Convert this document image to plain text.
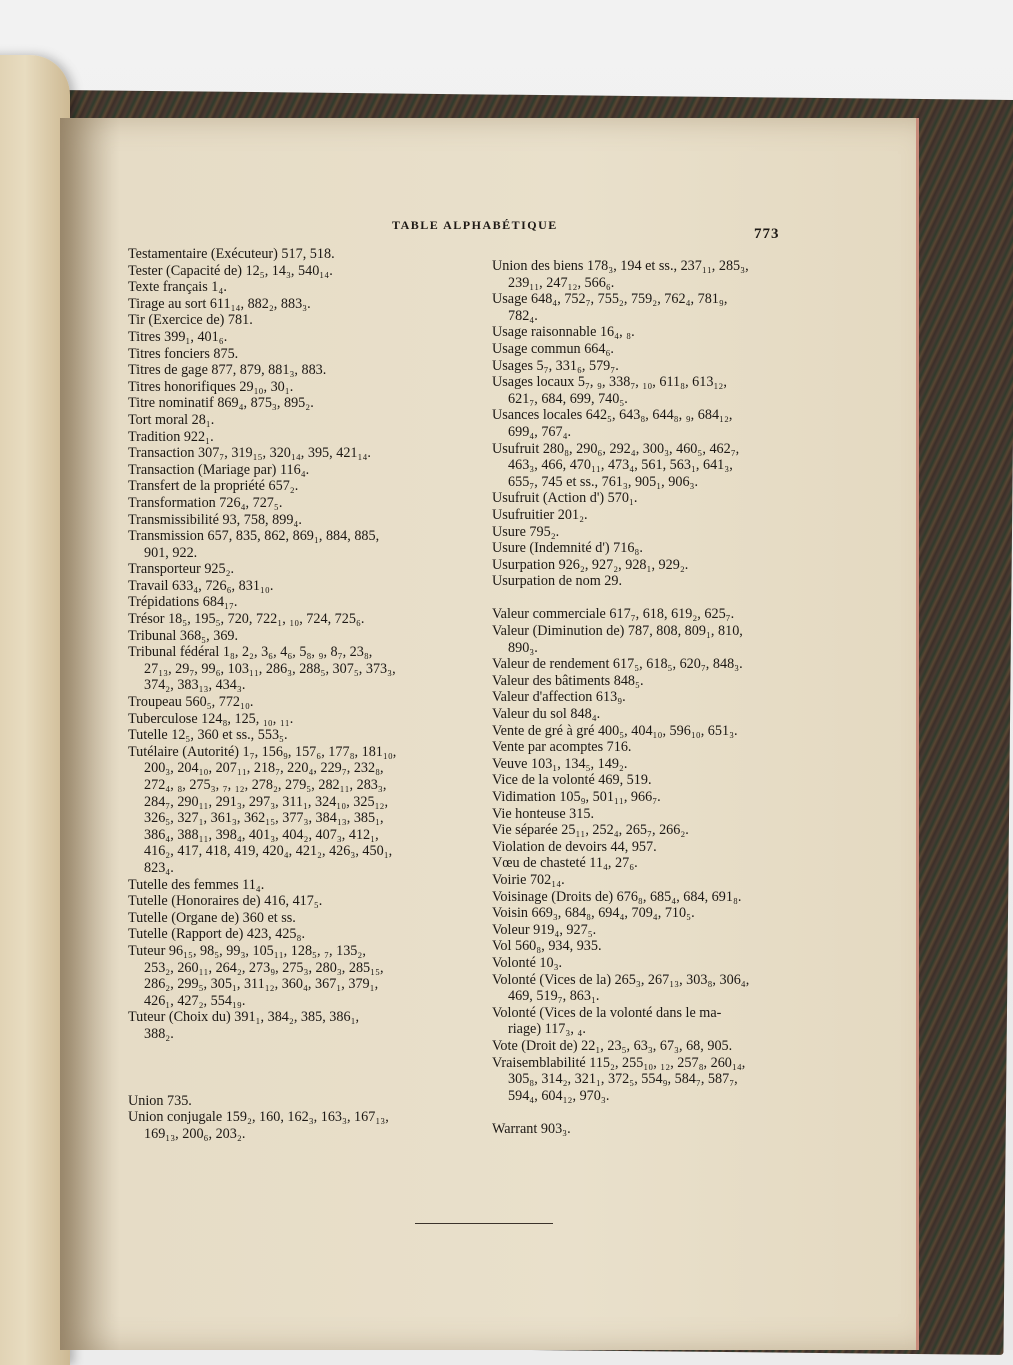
TABLE ALPHABÉTIQUE
773
Testamentaire (Exécuteur) 517, 518.
Tester (Capacité de) 12₅, 14₃, 540₁₄.
Texte français 1₄.
Tirage au sort 611₁₄, 882₂, 883₃.
Tir (Exercice de) 781.
Titres 399₁, 401₆.
Titres fonciers 875.
Titres de gage 877, 879, 881₃, 883.
Titres honorifiques 29₁₀, 30₁.
Titre nominatif 869₄, 875₃, 895₂.
Tort moral 28₁.
Tradition 922₁.
Transaction 307₇, 319₁₅, 320₁₄, 395, 421₁₄.
Transaction (Mariage par) 116₄.
Transfert de la propriété 657₂.
Transformation 726₄, 727₅.
Transmissibilité 93, 758, 899₄.
Transmission 657, 835, 862, 869₁, 884, 885,
901, 922.
Transporteur 925₂.
Travail 633₄, 726₆, 831₁₀.
Trépidations 684₁₇.
Trésor 18₅, 195₅, 720, 722₁, ₁₀, 724, 725₆.
Tribunal 368₅, 369.
Tribunal fédéral 1₈, 2₂, 3₆, 4₆, 5₈, ₉, 8₇, 23₈,
27₁₃, 29₇, 99₆, 103₁₁, 286₃, 288₅, 307₅, 373₃,
374₂, 383₁₃, 434₃.
Troupeau 560₅, 772₁₀.
Tuberculose 124₈, 125, ₁₀, ₁₁.
Tutelle 12₅, 360 et ss., 553₅.
Tutélaire (Autorité) 1₇, 156₉, 157₆, 177₈, 181₁₀,
200₃, 204₁₀, 207₁₁, 218₇, 220₄, 229₇, 232₈,
272₄, ₈, 275₃, ₇, ₁₂, 278₂, 279₅, 282₁₁, 283₃,
284₇, 290₁₁, 291₃, 297₃, 311₁, 324₁₀, 325₁₂,
326₅, 327₁, 361₃, 362₁₅, 377₃, 384₁₃, 385₁,
386₄, 388₁₁, 398₄, 401₃, 404₂, 407₃, 412₁,
416₂, 417, 418, 419, 420₄, 421₂, 426₃, 450₁,
823₄.
Tutelle des femmes 11₄.
Tutelle (Honoraires de) 416, 417₅.
Tutelle (Organe de) 360 et ss.
Tutelle (Rapport de) 423, 425₈.
Tuteur 96₁₅, 98₅, 99₃, 105₁₁, 128₅, ₇, 135₂,
253₂, 260₁₁, 264₂, 273₉, 275₃, 280₃, 285₁₅,
286₂, 299₅, 305₁, 311₁₂, 360₄, 367₁, 379₁,
426₁, 427₂, 554₁₉.
Tuteur (Choix du) 391₁, 384₂, 385, 386₁,
388₂.
Union 735.
Union conjugale 159₂, 160, 162₃, 163₃, 167₁₃,
169₁₃, 200₆, 203₂.
Union des biens 178₃, 194 et ss., 237₁₁, 285₃,
239₁₁, 247₁₂, 566₆.
Usage 648₄, 752₇, 755₂, 759₂, 762₄, 781₉,
782₄.
Usage raisonnable 16₄, ₈.
Usage commun 664₆.
Usages 5₇, 331₆, 579₇.
Usages locaux 5₇, ₉, 338₇, ₁₀, 611₈, 613₁₂,
621₇, 684, 699, 740₅.
Usances locales 642₅, 643₈, 644₈, ₉, 684₁₂,
699₄, 767₄.
Usufruit 280₈, 290₆, 292₄, 300₃, 460₅, 462₇,
463₃, 466, 470₁₁, 473₄, 561, 563₁, 641₃,
655₇, 745 et ss., 761₃, 905₁, 906₃.
Usufruit (Action d') 570₁.
Usufruitier 201₂.
Usure 795₂.
Usure (Indemnité d') 716₈.
Usurpation 926₂, 927₂, 928₁, 929₂.
Usurpation de nom 29.
Valeur commerciale 617₇, 618, 619₂, 625₇.
Valeur (Diminution de) 787, 808, 809₁, 810,
890₃.
Valeur de rendement 617₅, 618₅, 620₇, 848₃.
Valeur des bâtiments 848₅.
Valeur d'affection 613₉.
Valeur du sol 848₄.
Vente de gré à gré 400₅, 404₁₀, 596₁₀, 651₃.
Vente par acomptes 716.
Veuve 103₁, 134₅, 149₂.
Vice de la volonté 469, 519.
Vidimation 105₉, 501₁₁, 966₇.
Vie honteuse 315.
Vie séparée 25₁₁, 252₄, 265₇, 266₂.
Violation de devoirs 44, 957.
Vœu de chasteté 11₄, 27₆.
Voirie 702₁₄.
Voisinage (Droits de) 676₈, 685₄, 684, 691₈.
Voisin 669₃, 684₈, 694₄, 709₄, 710₅.
Voleur 919₄, 927₅.
Vol 560₈, 934, 935.
Volonté 10₃.
Volonté (Vices de la) 265₃, 267₁₃, 303₈, 306₄,
469, 519₇, 863₁.
Volonté (Vices de la volonté dans le ma-
riage) 117₃, ₄.
Vote (Droit de) 22₁, 23₅, 63₃, 67₃, 68, 905.
Vraisemblabilité 115₂, 255₁₀, ₁₂, 257₈, 260₁₄,
305₈, 314₂, 321₁, 372₅, 554₉, 584₇, 587₇,
594₄, 604₁₂, 970₃.
Warrant 903₃.
